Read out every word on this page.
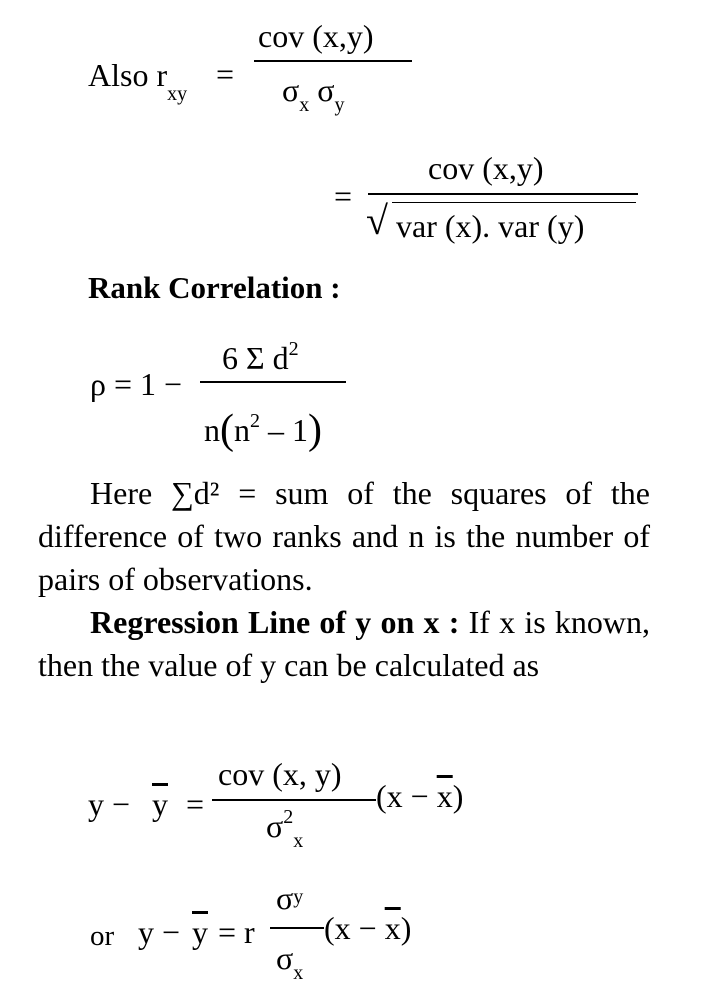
Also $r_{xy}$
=
cov (x,y)
$\sigma_x$ $\sigma_y$
=
cov (x,y)
√ var (x). var (y)
Rank Correlation :
ρ = 1 −
6 Σ $d^2$
$n(n^2 - 1)$

Here ∑d² = sum of the squares of the difference of two ranks and n is the number of pairs of observations.

Regression Line of y on x : If x is known, then the value of y can be calculated as

$y - \overline{y}$ =
cov (x, y)
$\sigma^2_x$
$(x - \overline{x})$
or $y - \overline{y} = r$
σy
$\sigma_x$
$(x - \overline{x})$
